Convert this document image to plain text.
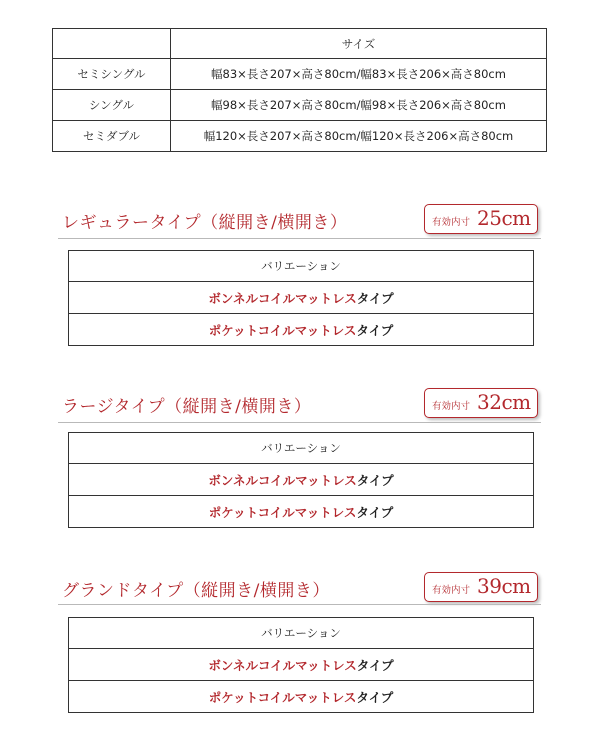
	サイズ
セミシングル	幅83×長さ207×高さ80cm/幅83×長さ206×高さ80cm
シングル	幅98×長さ207×高さ80cm/幅98×長さ206×高さ80cm
セミダブル	幅120×長さ207×高さ80cm/幅120×長さ206×高さ80cm
レギュラータイプ（縦開き/横開き）	有効内寸 25cm
バリエーション
ボンネルコイルマットレスタイプ
ポケットコイルマットレスタイプ
ラージタイプ（縦開き/横開き）	有効内寸 32cm
バリエーション
ボンネルコイルマットレスタイプ
ポケットコイルマットレスタイプ
グランドタイプ（縦開き/横開き）	有効内寸 39cm
バリエーション
ボンネルコイルマットレスタイプ
ポケットコイルマットレスタイプ
